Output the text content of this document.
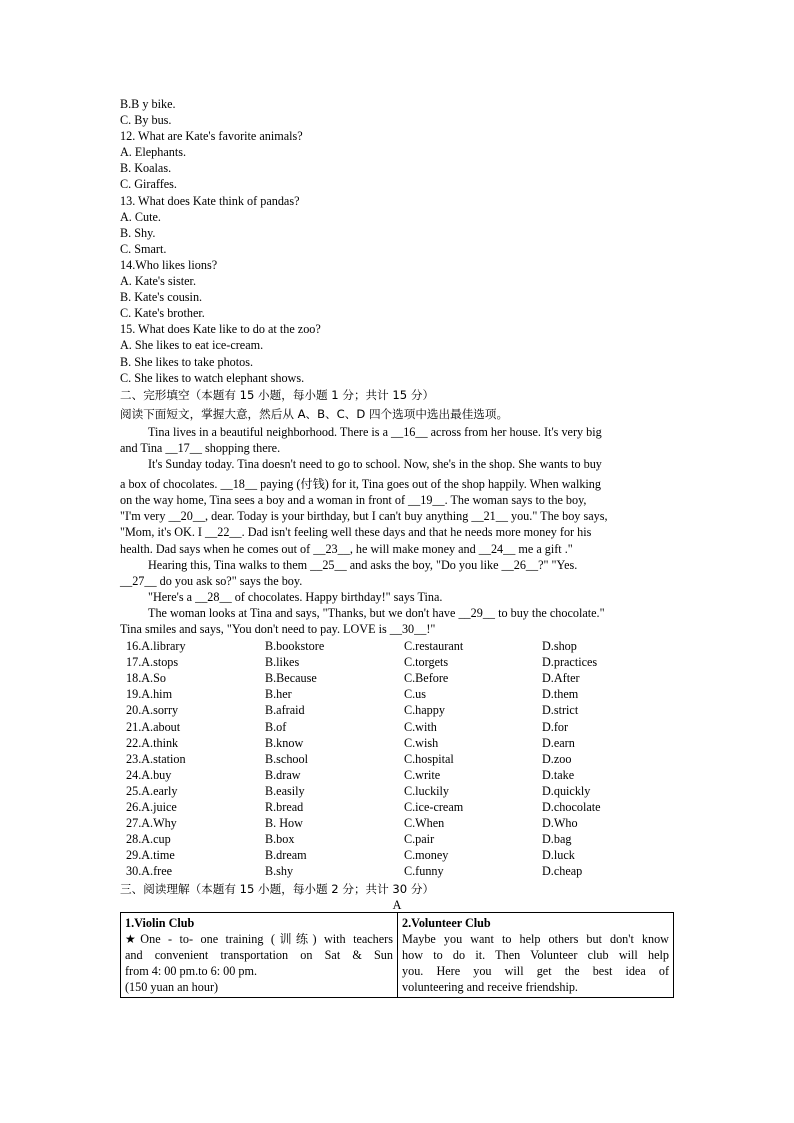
B.B y bike.
C. By bus.
12. What are Kate's favorite animals?
A. Elephants.
B. Koalas.
C. Giraffes.
13. What does Kate think of pandas?
A. Cute.
B. Shy.
C. Smart.
14.Who likes lions?
A. Kate's sister.
B. Kate's cousin.
C. Kate's brother.
15. What does Kate like to do at the zoo?
A. She likes to eat ice-cream.
B. She likes to take photos.
C. She likes to watch elephant shows.
二、完形填空（本题有 15 小题，每小题 1 分；共计 15 分）
阅读下面短文，掌握大意，然后从 A、B、C、D 四个选项中选出最佳选项。

Tina lives in a beautiful neighborhood. There is a __16__ across from her house. It's very big
and Tina __17__ shopping there.

It's Sunday today. Tina doesn't need to go to school. Now, she's in the shop. She wants to buy
a box of chocolates. __18__ paying (付钱) for it, Tina goes out of the shop happily. When walking
on the way home, Tina sees a boy and a woman in front of __19__. The woman says to the boy,
"I'm very __20__, dear. Today is your birthday, but I can't buy anything __21__ you." The boy says,
"Mom, it's OK. I __22__. Dad isn't feeling well these days and that he needs more money for his
health. Dad says when he comes out of __23__, he will make money and __24__ me a gift ."

Hearing this, Tina walks to them __25__ and asks the boy, "Do you like __26__?" "Yes.
__27__ do you ask so?" says the boy.

"Here's a __28__ of chocolates. Happy birthday!" says Tina.

The woman looks at Tina and says, "Thanks, but we don't have __29__ to buy the chocolate."
Tina smiles and says, "You don't need to pay. LOVE is __30__!"

16.A.library	B.bookstore	C.restaurant	D.shop
17.A.stops	B.likes	C.torgets	D.practices
18.A.So	B.Because	C.Before	D.After
19.A.him	B.her	C.us	D.them
20.A.sorry	B.afraid	C.happy	D.strict
21.A.about	B.of	C.with	D.for
22.A.think	B.know	C.wish	D.earn
23.A.station	B.school	C.hospital	D.zoo
24.A.buy	B.draw	C.write	D.take
25.A.early	B.easily	C.luckily	D.quickly
26.A.juice	R.bread	C.ice-cream	D.chocolate
27.A.Why	B. How	C.When	D.Who
28.A.cup	B.box	C.pair	D.bag
29.A.time	B.dream	C.money	D.luck
30.A.free	B.shy	C.funny	D.cheap
三、阅读理解（本题有 15 小题，每小题 2 分；共计 30 分）
A
1.Violin Club
★One - to- one training (训练) with teachers
and convenient transportation on Sat & Sun
from 4: 00 pm.to 6: 00 pm.
(150 yuan an hour)

2.Volunteer Club
Maybe you want to help others but don't know
how to do it. Then Volunteer club will help
you. Here you will get the best idea of
volunteering and receive friendship.
